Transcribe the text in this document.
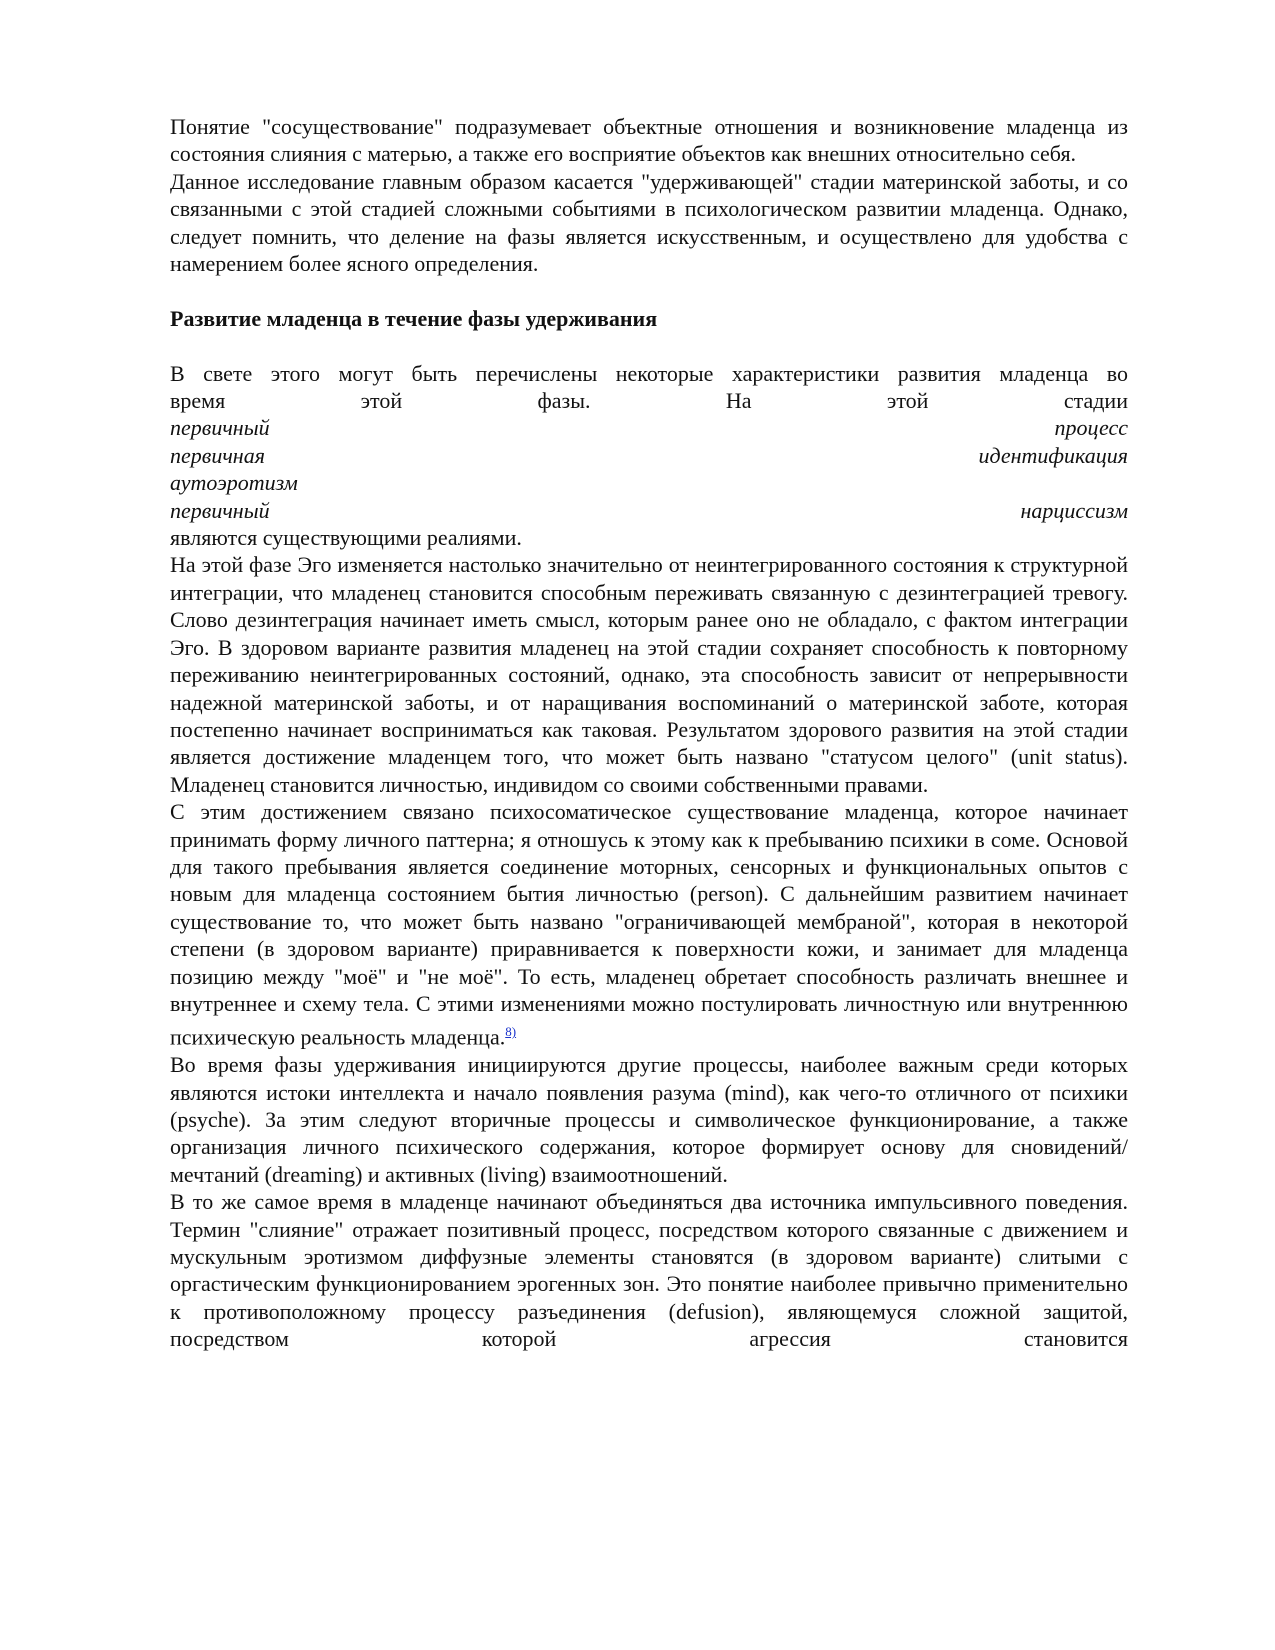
Понятие "сосуществование" подразумевает объектные отношения и возникновение младенца из состояния слияния с матерью, а также его восприятие объектов как внешних относительно себя.

Данное исследование главным образом касается "удерживающей" стадии материнской заботы, и со связанными с этой стадией сложными событиями в психологическом развитии младенца. Однако, следует помнить, что деление на фазы является искусственным, и осуществлено для удобства с намерением более ясного определения.

Развитие младенца в течение фазы удерживания

В свете этого могут быть перечислены некоторые характеристики развития младенца во

время	этой	фазы.	На	этой	стадии
первичный	процесс
первичная	идентификация
аутоэротизм
первичный	нарциссизм

являются существующими реалиями.

На этой фазе Эго изменяется настолько значительно от неинтегрированного состояния к структурной интеграции, что младенец становится способным переживать связанную с дезинтеграцией тревогу. Слово дезинтеграция начинает иметь смысл, которым ранее оно не обладало, с фактом интеграции Эго. В здоровом варианте развития младенец на этой стадии сохраняет способность к повторному переживанию неинтегрированных состояний, однако, эта способность зависит от непрерывности надежной материнской заботы, и от наращивания воспоминаний о материнской заботе, которая постепенно начинает восприниматься как таковая. Результатом здорового развития на этой стадии является достижение младенцем того, что может быть названо "статусом целого" (unit status). Младенец становится личностью, индивидом со своими собственными правами.

С этим достижением связано психосоматическое существование младенца, которое начинает принимать форму личного паттерна; я отношусь к этому как к пребыванию психики в соме. Основой для такого пребывания является соединение моторных, сенсорных и функциональных опытов с новым для младенца состоянием бытия личностью (person). С дальнейшим развитием начинает существование то, что может быть названо "ограничивающей мембраной", которая в некоторой степени (в здоровом варианте) приравнивается к поверхности кожи, и занимает для младенца позицию между "моё" и "не моё". То есть, младенец обретает способность различать внешнее и внутреннее и схему тела. С этими изменениями можно постулировать личностную или внутреннюю психическую реальность младенца.$^{8)}$

Во время фазы удерживания инициируются другие процессы, наиболее важным среди которых являются истоки интеллекта и начало появления разума (mind), как чего-то отличного от психики (psyche). За этим следуют вторичные процессы и символическое функционирование, а также организация личного психического содержания, которое формирует основу для сновидений/мечтаний (dreaming) и активных (living) взаимоотношений.

В то же самое время в младенце начинают объединяться два источника импульсивного поведения. Термин "слияние" отражает позитивный процесс, посредством которого связанные с движением и мускульным эротизмом диффузные элементы становятся (в здоровом варианте) слитыми с оргастическим функционированием эрогенных зон. Это понятие наиболее привычно применительно к противоположному процессу разъединения (defusion), являющемуся сложной защитой, посредством которой агрессия становится
